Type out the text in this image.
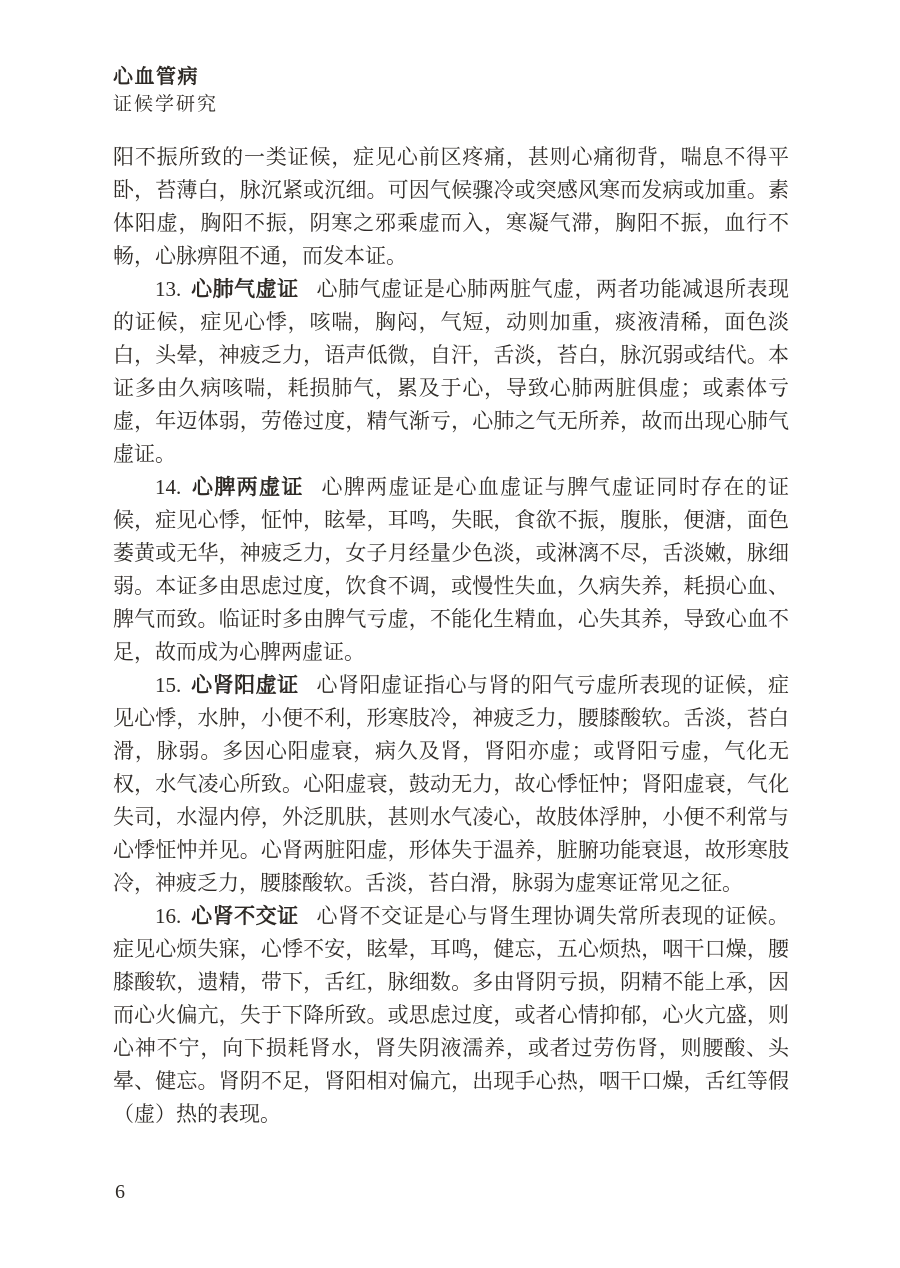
心血管病
证候学研究

阳不振所致的一类证候，症见心前区疼痛，甚则心痛彻背，喘息不得平卧，苔薄白，脉沉紧或沉细。可因气候骤冷或突感风寒而发病或加重。素体阳虚，胸阳不振，阴寒之邪乘虚而入，寒凝气滞，胸阳不振，血行不畅，心脉痹阻不通，而发本证。

13. 心肺气虚证 心肺气虚证是心肺两脏气虚，两者功能减退所表现的证候，症见心悸，咳喘，胸闷，气短，动则加重，痰液清稀，面色淡白，头晕，神疲乏力，语声低微，自汗，舌淡，苔白，脉沉弱或结代。本证多由久病咳喘，耗损肺气，累及于心，导致心肺两脏俱虚；或素体亏虚，年迈体弱，劳倦过度，精气渐亏，心肺之气无所养，故而出现心肺气虚证。

14. 心脾两虚证 心脾两虚证是心血虚证与脾气虚证同时存在的证候，症见心悸，怔忡，眩晕，耳鸣，失眠，食欲不振，腹胀，便溏，面色萎黄或无华，神疲乏力，女子月经量少色淡，或淋漓不尽，舌淡嫩，脉细弱。本证多由思虑过度，饮食不调，或慢性失血，久病失养，耗损心血、脾气而致。临证时多由脾气亏虚，不能化生精血，心失其养，导致心血不足，故而成为心脾两虚证。

15. 心肾阳虚证 心肾阳虚证指心与肾的阳气亏虚所表现的证候，症见心悸，水肿，小便不利，形寒肢冷，神疲乏力，腰膝酸软。舌淡，苔白滑，脉弱。多因心阳虚衰，病久及肾，肾阳亦虚；或肾阳亏虚，气化无权，水气凌心所致。心阳虚衰，鼓动无力，故心悸怔忡；肾阳虚衰，气化失司，水湿内停，外泛肌肤，甚则水气凌心，故肢体浮肿，小便不利常与心悸怔忡并见。心肾两脏阳虚，形体失于温养，脏腑功能衰退，故形寒肢冷，神疲乏力，腰膝酸软。舌淡，苔白滑，脉弱为虚寒证常见之征。

16. 心肾不交证 心肾不交证是心与肾生理协调失常所表现的证候。症见心烦失寐，心悸不安，眩晕，耳鸣，健忘，五心烦热，咽干口燥，腰膝酸软，遗精，带下，舌红，脉细数。多由肾阴亏损，阴精不能上承，因而心火偏亢，失于下降所致。或思虑过度，或者心情抑郁，心火亢盛，则心神不宁，向下损耗肾水，肾失阴液濡养，或者过劳伤肾，则腰酸、头晕、健忘。肾阴不足，肾阳相对偏亢，出现手心热，咽干口燥，舌红等假（虚）热的表现。

6
